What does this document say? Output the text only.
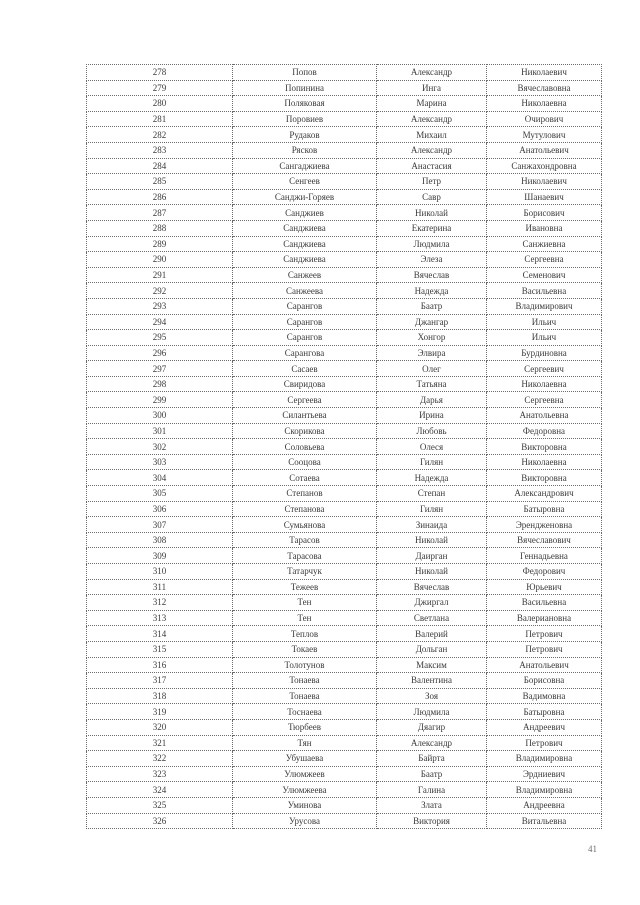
278	Попов	Александр	Николаевич
279	Попинина	Инга	Вячеславовна
280	Поляковая	Марина	Николаевна
281	Поровиев	Александр	Очирович
282	Рудаков	Михаил	Мутулович
283	Рясков	Александр	Анатольевич
284	Сангаджиева	Анастасия	Санжахондровна
285	Сенгеев	Петр	Николаевич
286	Санджи-Горяев	Савр	Шанаевич
287	Санджиев	Николай	Борисович
288	Санджиева	Екатерина	Ивановна
289	Санджиева	Людмила	Санжиевна
290	Санджиева	Элеза	Сергеевна
291	Санжеев	Вячеслав	Семенович
292	Санжеева	Надежда	Васильевна
293	Сарангов	Баатр	Владимирович
294	Сарангов	Джангар	Ильич
295	Сарангов	Хонгор	Ильич
296	Сарангова	Элвира	Бурдиновна
297	Сасаев	Олег	Сергеевич
298	Свиридова	Татьяна	Николаевна
299	Сергеева	Дарья	Сергеевна
300	Силантьева	Ирина	Анатольевна
301	Скорикова	Любовь	Федоровна
302	Соловьева	Олеся	Викторовна
303	Сооцова	Гилян	Николаевна
304	Сотаева	Надежда	Викторовна
305	Степанов	Степан	Александрович
306	Степанова	Гилян	Батыровна
307	Сумьянова	Зинаида	Эрендженовна
308	Тарасов	Николай	Вячеславович
309	Тарасова	Даирган	Геннадьевна
310	Татарчук	Николай	Федорович
311	Тежеев	Вячеслав	Юрьевич
312	Тен	Джиргал	Васильевна
313	Тен	Светлана	Валериановна
314	Теплов	Валерий	Петрович
315	Токаев	Дольган	Петрович
316	Толотунов	Максим	Анатольевич
317	Тонаева	Валентина	Борисовна
318	Тонаева	Зоя	Вадимовна
319	Тоснаева	Людмила	Батыровна
320	Тюрбеев	Дяагир	Андреевич
321	Тян	Александр	Петрович
322	Убушаева	Байрта	Владимировна
323	Улюмжеев	Баатр	Эрдниевич
324	Улюмжеева	Галина	Владимировна
325	Уминова	Злата	Андреевна
326	Урусова	Виктория	Витальевна
41
